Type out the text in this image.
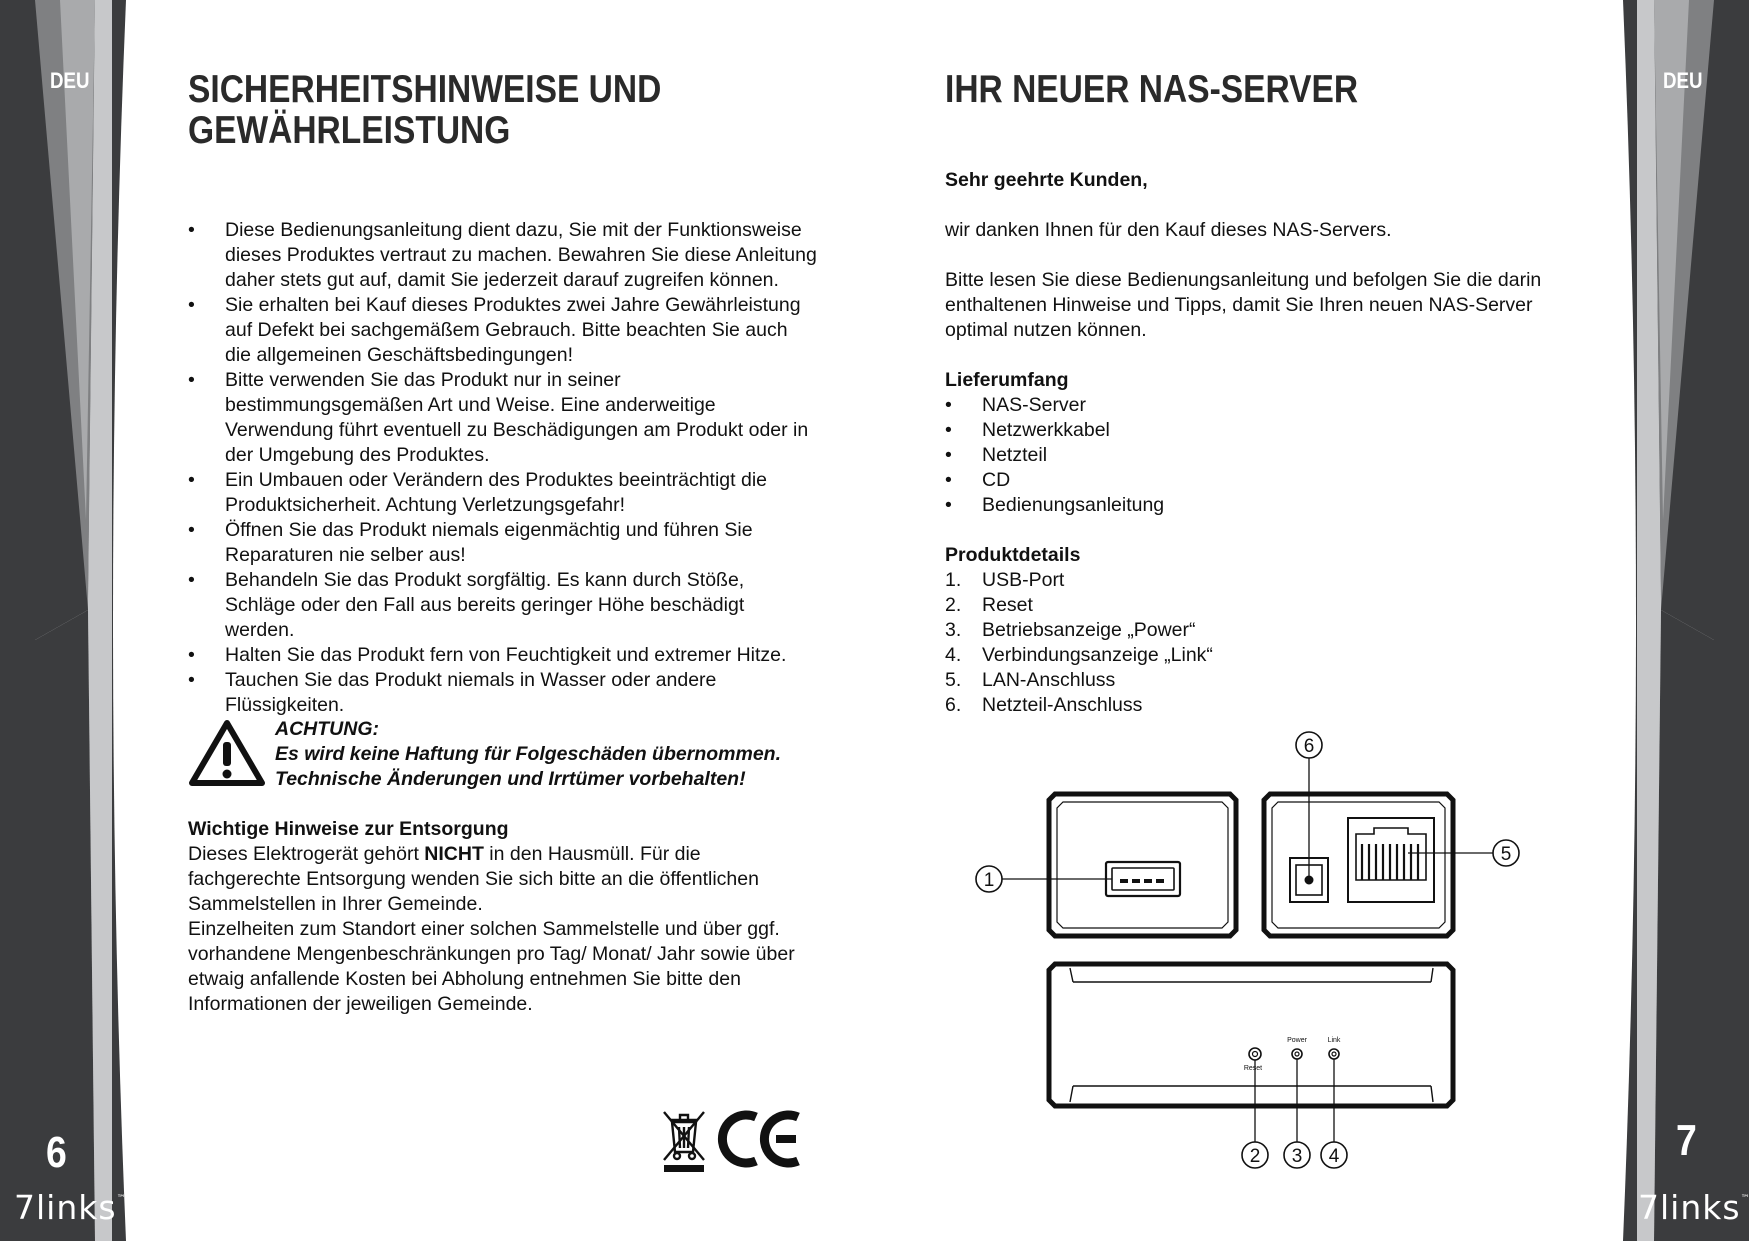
DEU
6
7links™
DEU
7
7links™
SICHERHEITSHINWEISE UND
GEWÄHRLEISTUNG
• Diese Bedienungsanleitung dient dazu, Sie mit der Funktionsweise dieses Produktes vertraut zu machen. Bewahren Sie diese Anleitung daher stets gut auf, damit Sie jederzeit darauf zugreifen können.
• Sie erhalten bei Kauf dieses Produktes zwei Jahre Gewährleistung auf Defekt bei sachgemäßem Gebrauch. Bitte beachten Sie auch die allgemeinen Geschäftsbedingungen!
• Bitte verwenden Sie das Produkt nur in seiner bestimmungsgemäßen Art und Weise. Eine anderweitige Verwendung führt eventuell zu Beschädigungen am Produkt oder in der Umgebung des Produktes.
• Ein Umbauen oder Verändern des Produktes beeinträchtigt die Produktsicherheit. Achtung Verletzungsgefahr!
• Öffnen Sie das Produkt niemals eigenmächtig und führen Sie Reparaturen nie selber aus!
• Behandeln Sie das Produkt sorgfältig. Es kann durch Stöße, Schläge oder den Fall aus bereits geringer Höhe beschädigt werden.
• Halten Sie das Produkt fern von Feuchtigkeit und extremer Hitze.
• Tauchen Sie das Produkt niemals in Wasser oder andere Flüssigkeiten.

ACHTUNG:

Es wird keine Haftung für Folgeschäden übernommen.

Technische Änderungen und Irrtümer vorbehalten!

Wichtige Hinweise zur Entsorgung

Dieses Elektrogerät gehört NICHT in den Hausmüll. Für die fachgerechte Entsorgung wenden Sie sich bitte an die öffentlichen Sammelstellen in Ihrer Gemeinde.

Einzelheiten zum Standort einer solchen Sammelstelle und über ggf. vorhandene Mengenbeschränkungen pro Tag/ Monat/ Jahr sowie über etwaig anfallende Kosten bei Abholung entnehmen Sie bitte den Informationen der jeweiligen Gemeinde.

IHR NEUER NAS-SERVER

Sehr geehrte Kunden,

wir danken Ihnen für den Kauf dieses NAS-Servers.

Bitte lesen Sie diese Bedienungsanleitung und befolgen Sie die darin enthaltenen Hinweise und Tipps, damit Sie Ihren neuen NAS-Server optimal nutzen können.

Lieferumfang

• NAS-Server
• Netzwerkkabel
• Netzteil
• CD
• Bedienungsanleitung

Produktdetails

1. USB-Port
2. Reset
3. Betriebsanzeige „Power“
4. Verbindungsanzeige „Link“
5. LAN-Anschluss
6. Netzteil-Anschluss
Power	Link
Reset
1
6
5
2 3 4
